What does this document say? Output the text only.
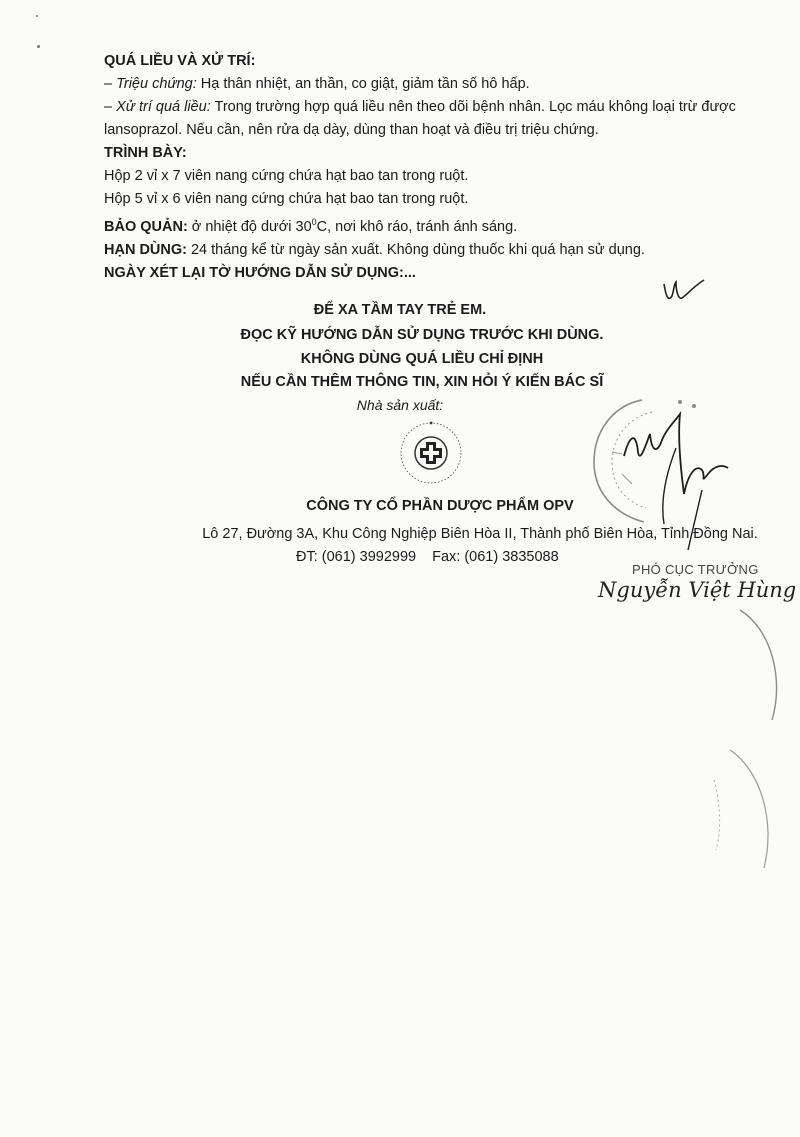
QUÁ LIỀU VÀ XỬ TRÍ:
– Triệu chứng: Hạ thân nhiệt, an thần, co giật, giảm tần số hô hấp.
– Xử trí quá liều: Trong trường hợp quá liều nên theo dõi bệnh nhân. Lọc máu không loại trừ được
lansoprazol. Nếu cần, nên rửa dạ dày, dùng than hoạt và điều trị triệu chứng.
TRÌNH BÀY:
Hộp 2 vỉ x 7 viên nang cứng chứa hạt bao tan trong ruột.
Hộp 5 vỉ x 6 viên nang cứng chứa hạt bao tan trong ruột.
BẢO QUẢN: ở nhiệt độ dưới $30^0C$, nơi khô ráo, tránh ánh sáng.
HẠN DÙNG: 24 tháng kể từ ngày sản xuất. Không dùng thuốc khi quá hạn sử dụng.
NGÀY XÉT LẠI TỜ HƯỚNG DẪN SỬ DỤNG:...
ĐỂ XA TẦM TAY TRẺ EM.
ĐỌC KỸ HƯỚNG DẪN SỬ DỤNG TRƯỚC KHI DÙNG.
KHÔNG DÙNG QUÁ LIỀU CHỈ ĐỊNH
NẾU CẦN THÊM THÔNG TIN, XIN HỎI Ý KIẾN BÁC SĨ
Nhà sản xuất:
CÔNG TY CỔ PHẦN DƯỢC PHẨM OPV
Lô 27, Đường 3A, Khu Công Nghiệp Biên Hòa II, Thành phố Biên Hòa, Tỉnh Đồng Nai.
ĐT: (061) 3992999 Fax: (061) 3835088
PHÓ CỤC TRƯỞNG
Nguyễn Việt Hùng
